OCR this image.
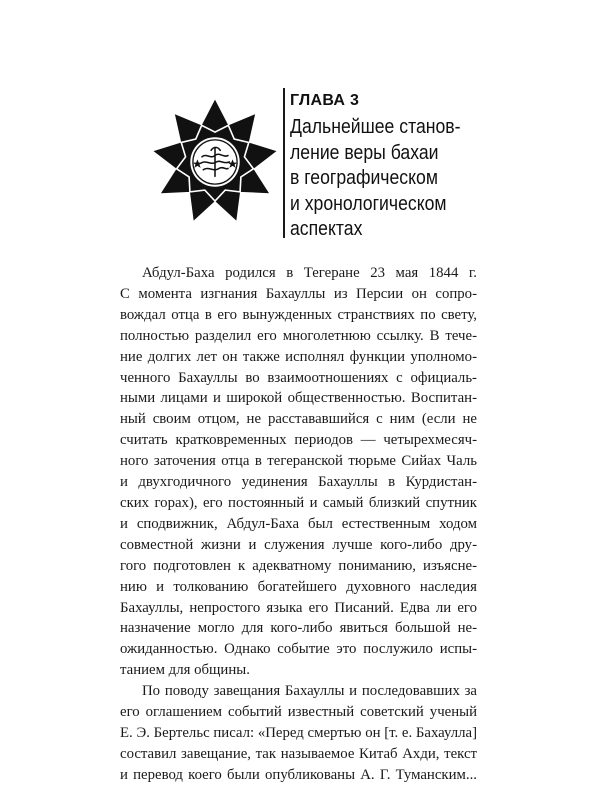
ГЛАВА 3
Дальнейшее станов-
ление веры бахаи
в географическом
и хронологическом
аспектах

Абдул-Баха родился в Тегеране 23 мая 1844 г.
С момента изгнания Бахауллы из Персии он сопро-
вождал отца в его вынужденных странствиях по свету,
полностью разделил его многолетнюю ссылку. В тече-
ние долгих лет он также исполнял функции уполномо-
ченного Бахауллы во взаимоотношениях с официаль-
ными лицами и широкой общественностью. Воспитан-
ный своим отцом, не расстававшийся с ним (если не
считать кратковременных периодов — четырехмесяч-
ного заточения отца в тегеранской тюрьме Сийах Чаль
и двухгодичного уединения Бахауллы в Курдистан-
ских горах), его постоянный и самый близкий спутник
и сподвижник, Абдул-Баха был естественным ходом
совместной жизни и служения лучше кого-либо дру-
гого подготовлен к адекватному пониманию, изъясне-
нию и толкованию богатейшего духовного наследия
Бахауллы, непростого языка его Писаний. Едва ли его
назначение могло для кого-либо явиться большой не-
ожиданностью. Однако событие это послужило испы-
танием для общины.

По поводу завещания Бахауллы и последовавших за
его оглашением событий известный советский ученый
Е. Э. Бертельс писал: «Перед смертью он [т. е. Бахаулла]
составил завещание, так называемое Китаб Ахди, текст
и перевод коего были опубликованы А. Г. Туманским...
